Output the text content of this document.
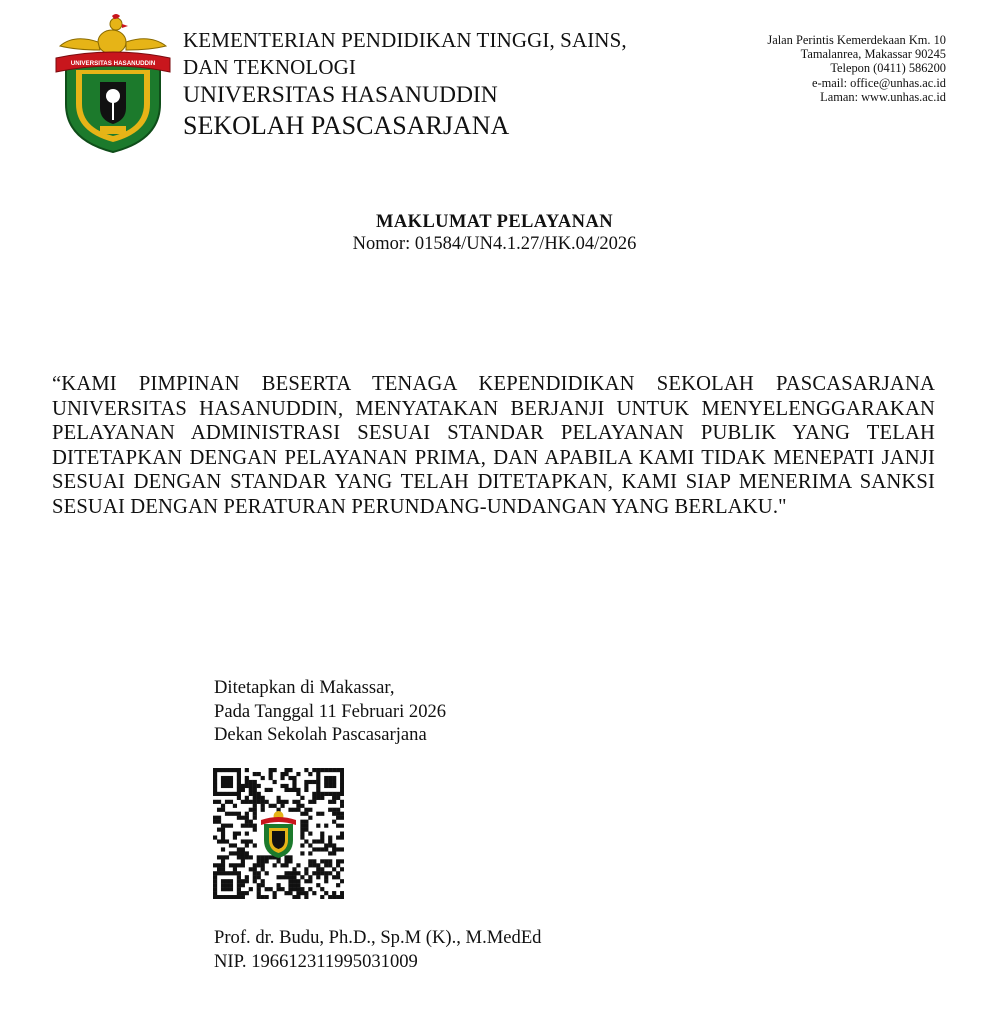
UNIVERSITAS HASANUDDIN
KEMENTERIAN PENDIDIKAN TINGGI, SAINS,
DAN TEKNOLOGI
UNIVERSITAS HASANUDDIN
SEKOLAH PASCASARJANA
Jalan Perintis Kemerdekaan Km. 10
Tamalanrea, Makassar 90245
Telepon (0411) 586200
e-mail: office@unhas.ac.id
Laman: www.unhas.ac.id
MAKLUMAT PELAYANAN
Nomor: 01584/UN4.1.27/HK.04/2026

“KAMI PIMPINAN BESERTA TENAGA KEPENDIDIKAN SEKOLAH PASCASARJANA UNIVERSITAS HASANUDDIN, MENYATAKAN BERJANJI UNTUK MENYELENGGARAKAN PELAYANAN ADMINISTRASI SESUAI STANDAR PELAYANAN PUBLIK YANG TELAH DITETAPKAN DENGAN PELAYANAN PRIMA, DAN APABILA KAMI TIDAK MENEPATI JANJI SESUAI DENGAN STANDAR YANG TELAH DITETAPKAN, KAMI SIAP MENERIMA SANKSI SESUAI DENGAN PERATURAN PERUNDANG-UNDANGAN YANG BERLAKU."

Ditetapkan di Makassar,
Pada Tanggal 11 Februari 2026
Dekan Sekolah Pascasarjana
Prof. dr. Budu, Ph.D., Sp.M (K)., M.MedEd
NIP. 196612311995031009
